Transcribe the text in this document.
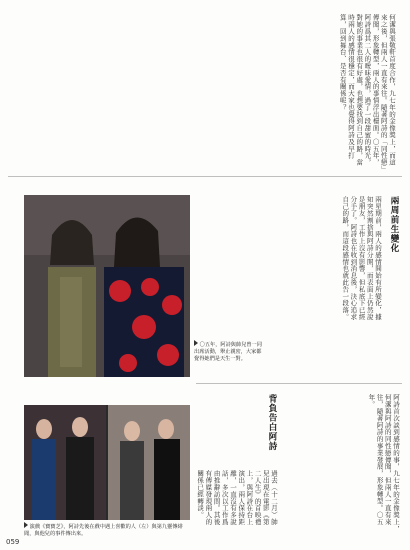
何潔與張敬軒首度合作，九七年的金像獎上，而這來之後，但兩人一直有來往。隨著阿詩的「同性戀」傳聞，形象轉型，兩人的事情浮出檯面。〇五年，阿詩爲其二人的曖昧愛情，過了一段甜蜜的時光，對她的事業也很有好處，也想要找到自己的路，當時兩人的感情很穩定，而大家也覺得阿詩及早打算，回到舞台、是否有關係呢？
〇五年，阿詩與帥兒曾一同出席活動，舉止親密，大家都覺得她們是天生一對。
兩周前生變化
兩星期前，兩人的感情開始有所變化，據知突然割捨與阿詩分開，而表面上仍然說是朋友，工作上沒有影響，但私底下已經分手了。阿詩也在收到消息後，決心追求自己的路，而這段感情也就此告一段落。
背負告白阿詩
過去（十二月）帥兒出現在電影《第二人生》的首映禮上，與阿詩在台上演出，兩人保持距離，一直沒有多說話，多次以工作爲由推辭訪問。其後有傳媒發現兩人的關係已經轉淡。	阿詩首次談到感情的事，九七年的金像獎上，何潔與阿詩的同性戀傳聞，但兩人一直有來往，隨著阿詩的事業發展，形象轉型。〇五年。
演戲《寶寶芝》，阿詩先後在戲中遇上喜歡的人（左）與第九靈傳緋聞，與他兒的事件傳出來。
059
